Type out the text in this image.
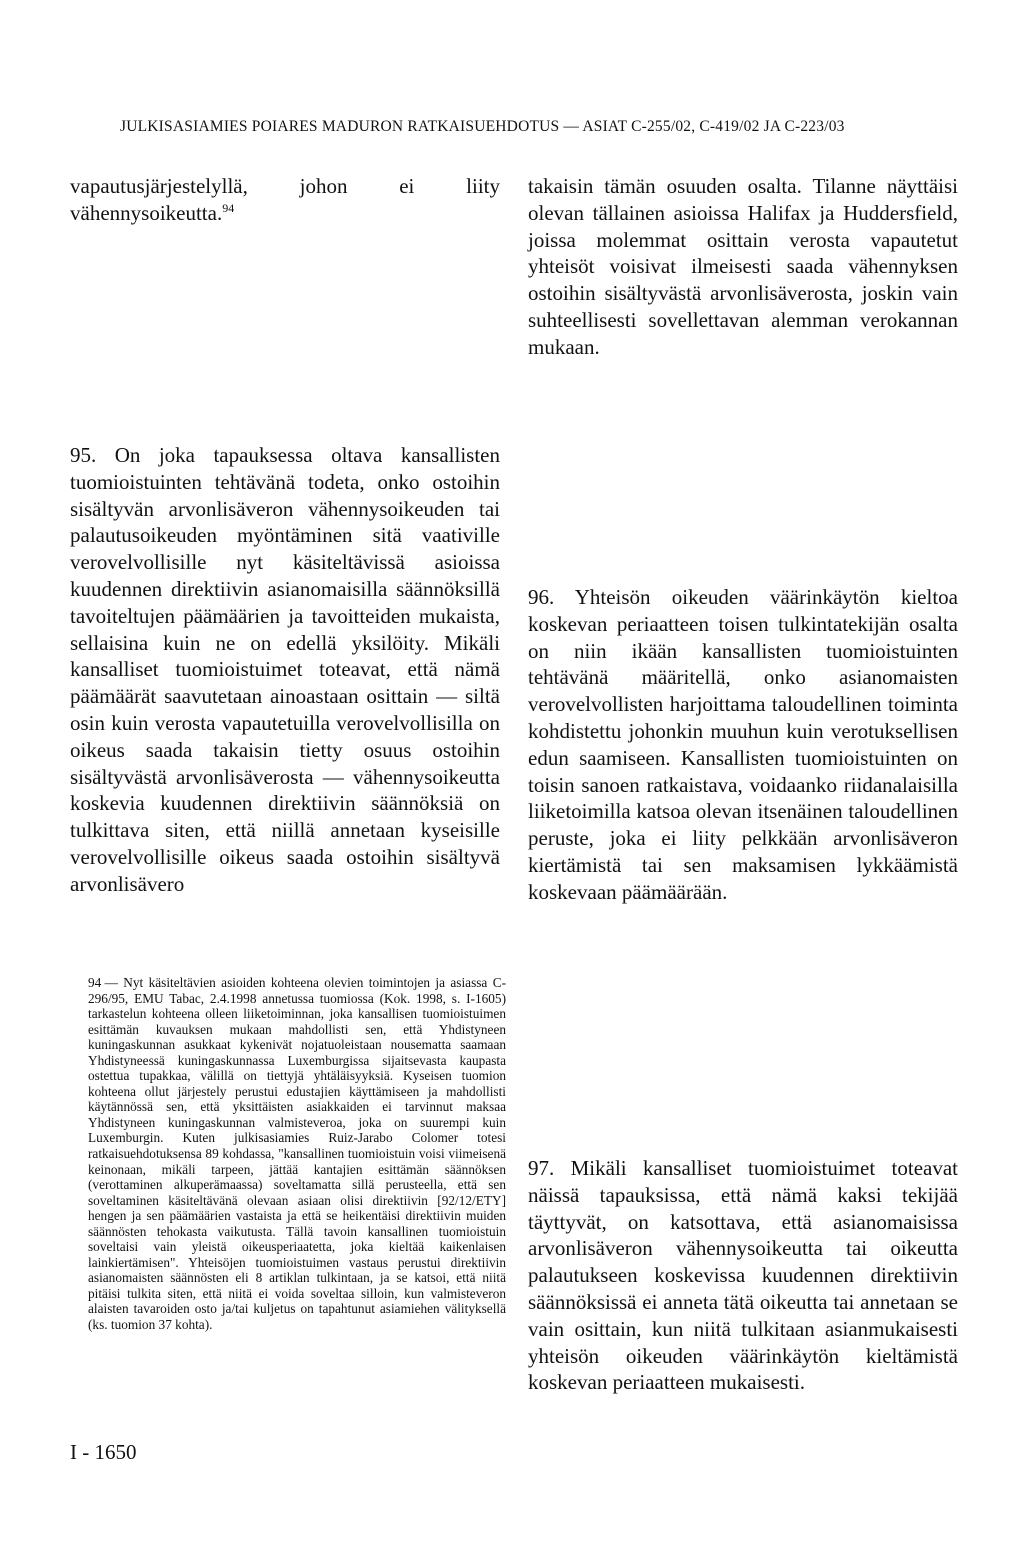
JULKISASIAMIES POIARES MADURON RATKAISUEHDOTUS — ASIAT C-255/02, C-419/02 JA C-223/03

vapautusjärjestelyllä, johon ei liity vähennysoikeutta.$^{94}$

takaisin tämän osuuden osalta. Tilanne näyttäisi olevan tällainen asioissa Halifax ja Huddersfield, joissa molemmat osittain verosta vapautetut yhteisöt voisivat ilmeisesti saada vähennyksen ostoihin sisältyvästä arvonlisäverosta, joskin vain suhteellisesti sovellettavan alemman verokannan mukaan.

95. On joka tapauksessa oltava kansallisten tuomioistuinten tehtävänä todeta, onko ostoihin sisältyvän arvonlisäveron vähennysoikeuden tai palautusoikeuden myöntäminen sitä vaativille verovelvollisille nyt käsiteltävissä asioissa kuudennen direktiivin asianomaisilla säännöksillä tavoiteltujen päämäärien ja tavoitteiden mukaista, sellaisina kuin ne on edellä yksilöity. Mikäli kansalliset tuomioistuimet toteavat, että nämä päämäärät saavutetaan ainoastaan osittain — siltä osin kuin verosta vapautetuilla verovelvollisilla on oikeus saada takaisin tietty osuus ostoihin sisältyvästä arvonlisäverosta — vähennysoikeutta koskevia kuudennen direktiivin säännöksiä on tulkittava siten, että niillä annetaan kyseisille verovelvollisille oikeus saada ostoihin sisältyvä arvonlisävero

96. Yhteisön oikeuden väärinkäytön kieltoa koskevan periaatteen toisen tulkintatekijän osalta on niin ikään kansallisten tuomioistuinten tehtävänä määritellä, onko asianomaisten verovelvollisten harjoittama taloudellinen toiminta kohdistettu johonkin muuhun kuin verotuksellisen edun saamiseen. Kansallisten tuomioistuinten on toisin sanoen ratkaistava, voidaanko riidanalaisilla liiketoimilla katsoa olevan itsenäinen taloudellinen peruste, joka ei liity pelkkään arvonlisäveron kiertämistä tai sen maksamisen lykkäämistä koskevaan päämäärään.

94 — Nyt käsiteltävien asioiden kohteena olevien toimintojen ja asiassa C-296/95, EMU Tabac, 2.4.1998 annetussa tuomiossa (Kok. 1998, s. I-1605) tarkastelun kohteena olleen liiketoiminnan, joka kansallisen tuomioistuimen esittämän kuvauksen mukaan mahdollisti sen, että Yhdistyneen kuningaskunnan asukkaat kykenivät nojatuoleistaan nousematta saamaan Yhdistyneessä kuningaskunnassa Luxemburgissa sijaitsevasta kaupasta ostettua tupakkaa, välillä on tiettyjä yhtäläisyyksiä. Kyseisen tuomion kohteena ollut järjestely perustui edustajien käyttämiseen ja mahdollisti käytännössä sen, että yksittäisten asiakkaiden ei tarvinnut maksaa Yhdistyneen kuningaskunnan valmisteveroa, joka on suurempi kuin Luxemburgin. Kuten julkisasiamies Ruiz-Jarabo Colomer totesi ratkaisuehdotuksensa 89 kohdassa, "kansallinen tuomioistuin voisi viimeisenä keinonaan, mikäli tarpeen, jättää kantajien esittämän säännöksen (verottaminen alkuperämaassa) soveltamatta sillä perusteella, että sen soveltaminen käsiteltävänä olevaan asiaan olisi direktiivin [92/12/ETY] hengen ja sen päämäärien vastaista ja että se heikentäisi direktiivin muiden säännösten tehokasta vaikutusta. Tällä tavoin kansallinen tuomioistuin soveltaisi vain yleistä oikeusperiaatetta, joka kieltää kaikenlaisen lainkiertämisen". Yhteisöjen tuomioistuimen vastaus perustui direktiivin asianomaisten säännösten eli 8 artiklan tulkintaan, ja se katsoi, että niitä pitäisi tulkita siten, että niitä ei voida soveltaa silloin, kun valmisteveron alaisten tavaroiden osto ja/tai kuljetus on tapahtunut asiamiehen välityksellä (ks. tuomion 37 kohta).

97. Mikäli kansalliset tuomioistuimet toteavat näissä tapauksissa, että nämä kaksi tekijää täyttyvät, on katsottava, että asianomaisissa arvonlisäveron vähennysoikeutta tai oikeutta palautukseen koskevissa kuudennen direktiivin säännöksissä ei anneta tätä oikeutta tai annetaan se vain osittain, kun niitä tulkitaan asianmukaisesti yhteisön oikeuden väärinkäytön kieltämistä koskevan periaatteen mukaisesti.

I - 1650
